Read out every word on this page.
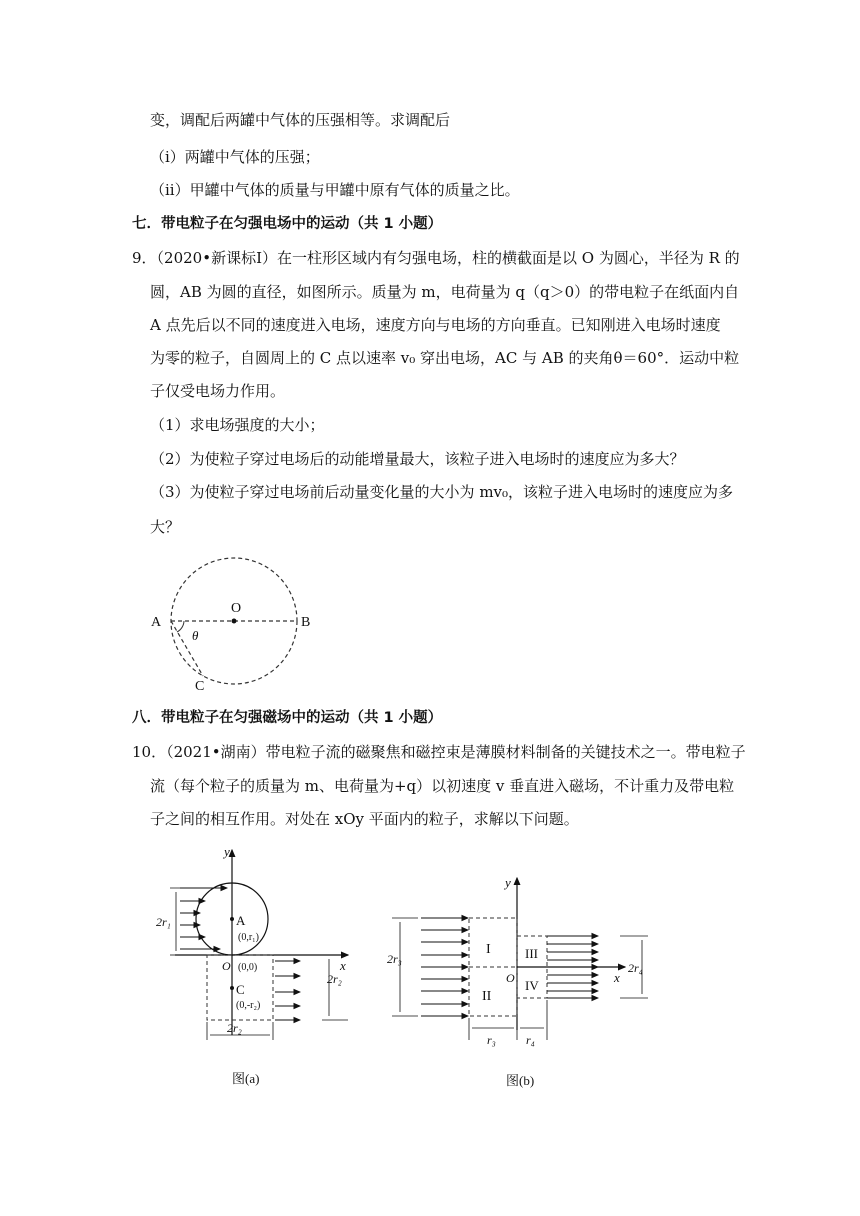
变，调配后两罐中气体的压强相等。求调配后
（i）两罐中气体的压强；
（ii）甲罐中气体的质量与甲罐中原有气体的质量之比。
七．带电粒子在匀强电场中的运动（共 1 小题）
9．（2020•新课标Ⅰ）在一柱形区域内有匀强电场，柱的横截面是以 O 为圆心，半径为 R 的
圆，AB 为圆的直径，如图所示。质量为 m，电荷量为 q（q＞0）的带电粒子在纸面内自
A 点先后以不同的速度进入电场，速度方向与电场的方向垂直。已知刚进入电场时速度
为零的粒子，自圆周上的 C 点以速率 v₀ 穿出电场，AC 与 AB 的夹角θ＝60°．运动中粒
子仅受电场力作用。
（1）求电场强度的大小；
（2）为使粒子穿过电场后的动能增量最大，该粒子进入电场时的速度应为多大？
（3）为使粒子穿过电场前后动量变化量的大小为 mv₀，该粒子进入电场时的速度应为多
大？
O
A	B
C
θ
八．带电粒子在匀强磁场中的运动（共 1 小题）
10．（2021•湖南）带电粒子流的磁聚焦和磁控束是薄膜材料制备的关键技术之一。带电粒子
流（每个粒子的质量为 m、电荷量为+q）以初速度 v 垂直进入磁场，不计重力及带电粒
子之间的相互作用。对处在 xOy 平面内的粒子，求解以下问题。
y
x
A
(0,r₁)
O (0,0)
2r₁
C
(0,-r₂)
2r₂
2r₂
图(a)
y
x
O
I
II
III
IV
2r₃
2r₄
r₃	r₄
图(b)
